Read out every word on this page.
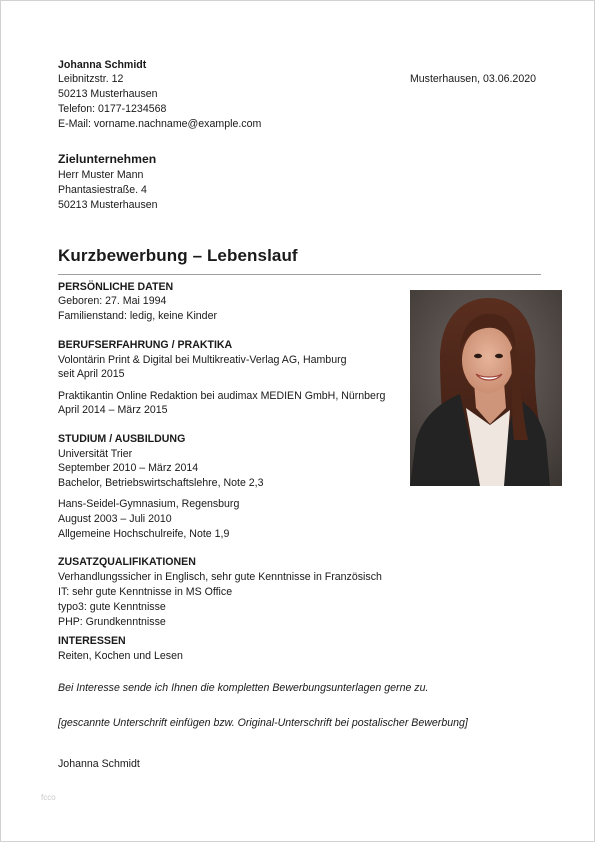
Johanna Schmidt
Leibnitzstr. 12
50213 Musterhausen
Telefon: 0177-1234568
E-Mail: vorname.nachname@example.com
Musterhausen, 03.06.2020
Zielunternehmen
Herr Muster Mann
Phantasiestraße. 4
50213 Musterhausen
Kurzbewerbung – Lebenslauf
PERSÖNLICHE DATEN
Geboren: 27. Mai 1994
Familienstand: ledig, keine Kinder
BERUFSERFAHRUNG / PRAKTIKA
Volontärin Print & Digital bei Multikreativ-Verlag AG, Hamburg
seit April 2015
Praktikantin Online Redaktion bei audimax MEDIEN GmbH, Nürnberg
April 2014 – März 2015
STUDIUM / AUSBILDUNG
Universität Trier
September 2010 – März 2014
Bachelor, Betriebswirtschaftslehre, Note 2,3
Hans-Seidel-Gymnasium, Regensburg
August 2003 – Juli 2010
Allgemeine Hochschulreife, Note 1,9
ZUSATZQUALIFIKATIONEN
Verhandlungssicher in Englisch, sehr gute Kenntnisse in Französisch
IT: sehr gute Kenntnisse in MS Office
typo3: gute Kenntnisse
PHP: Grundkenntnisse
INTERESSEN
Reiten, Kochen und Lesen
Bei Interesse sende ich Ihnen die kompletten Bewerbungsunterlagen gerne zu.
[gescannte Unterschrift einfügen bzw. Original-Unterschrift bei postalischer Bewerbung]
Johanna Schmidt
fcco
